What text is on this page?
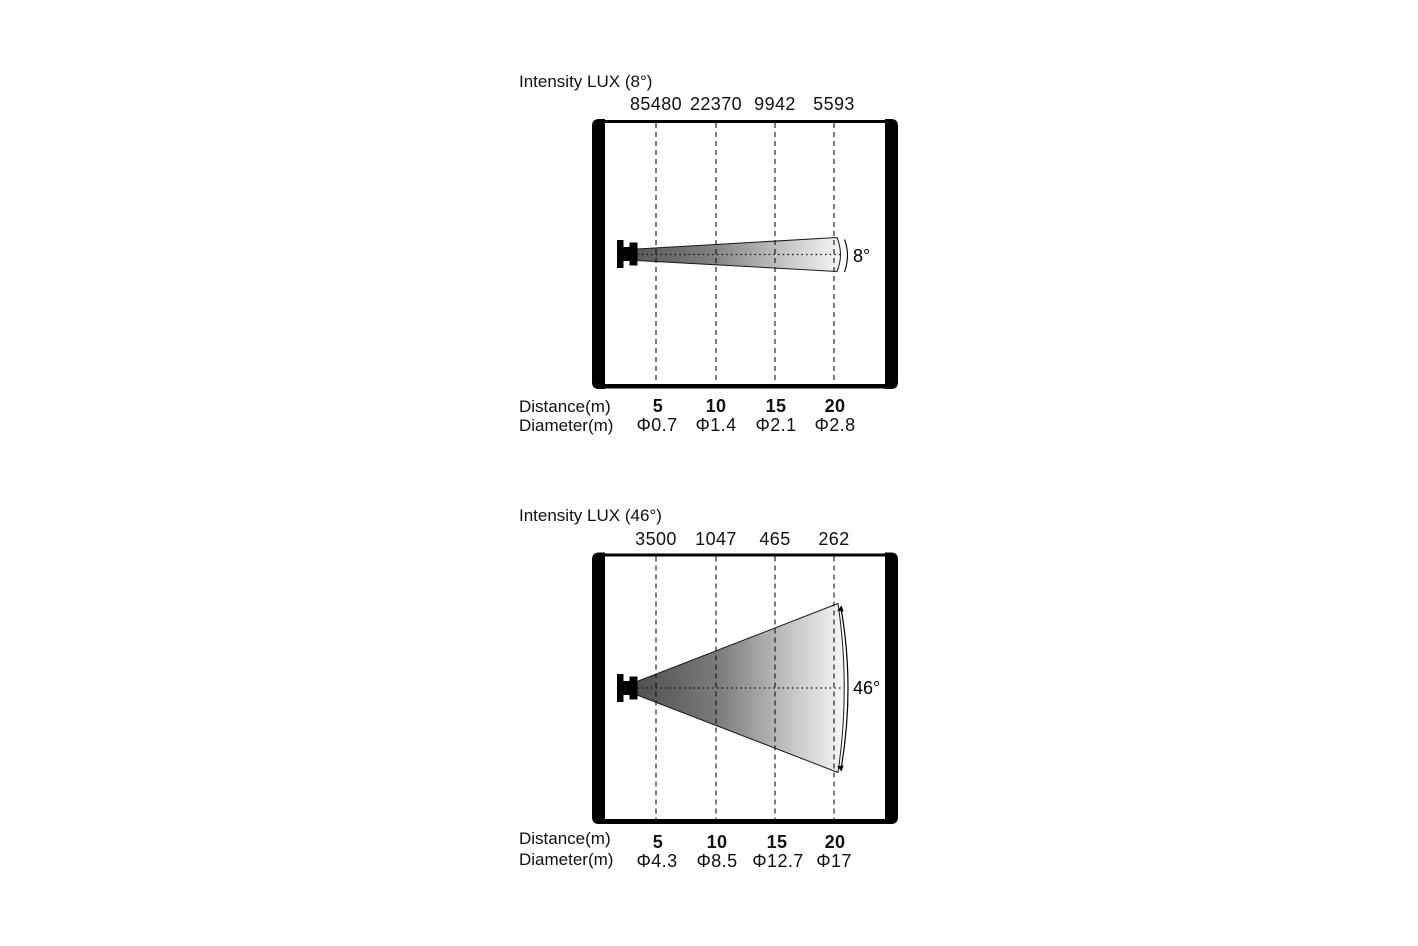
Intensity LUX (8°)
85480 22370 9942 5593
8°
Distance(m) 5 10 15 20
Diameter(m) Φ0.7 Φ1.4 Φ2.1 Φ2.8
Intensity LUX (46°)
3500 1047 465 262
46°
Distance(m) 5 10 15 20
Diameter(m) Φ4.3 Φ8.5 Φ12.7 Φ17
